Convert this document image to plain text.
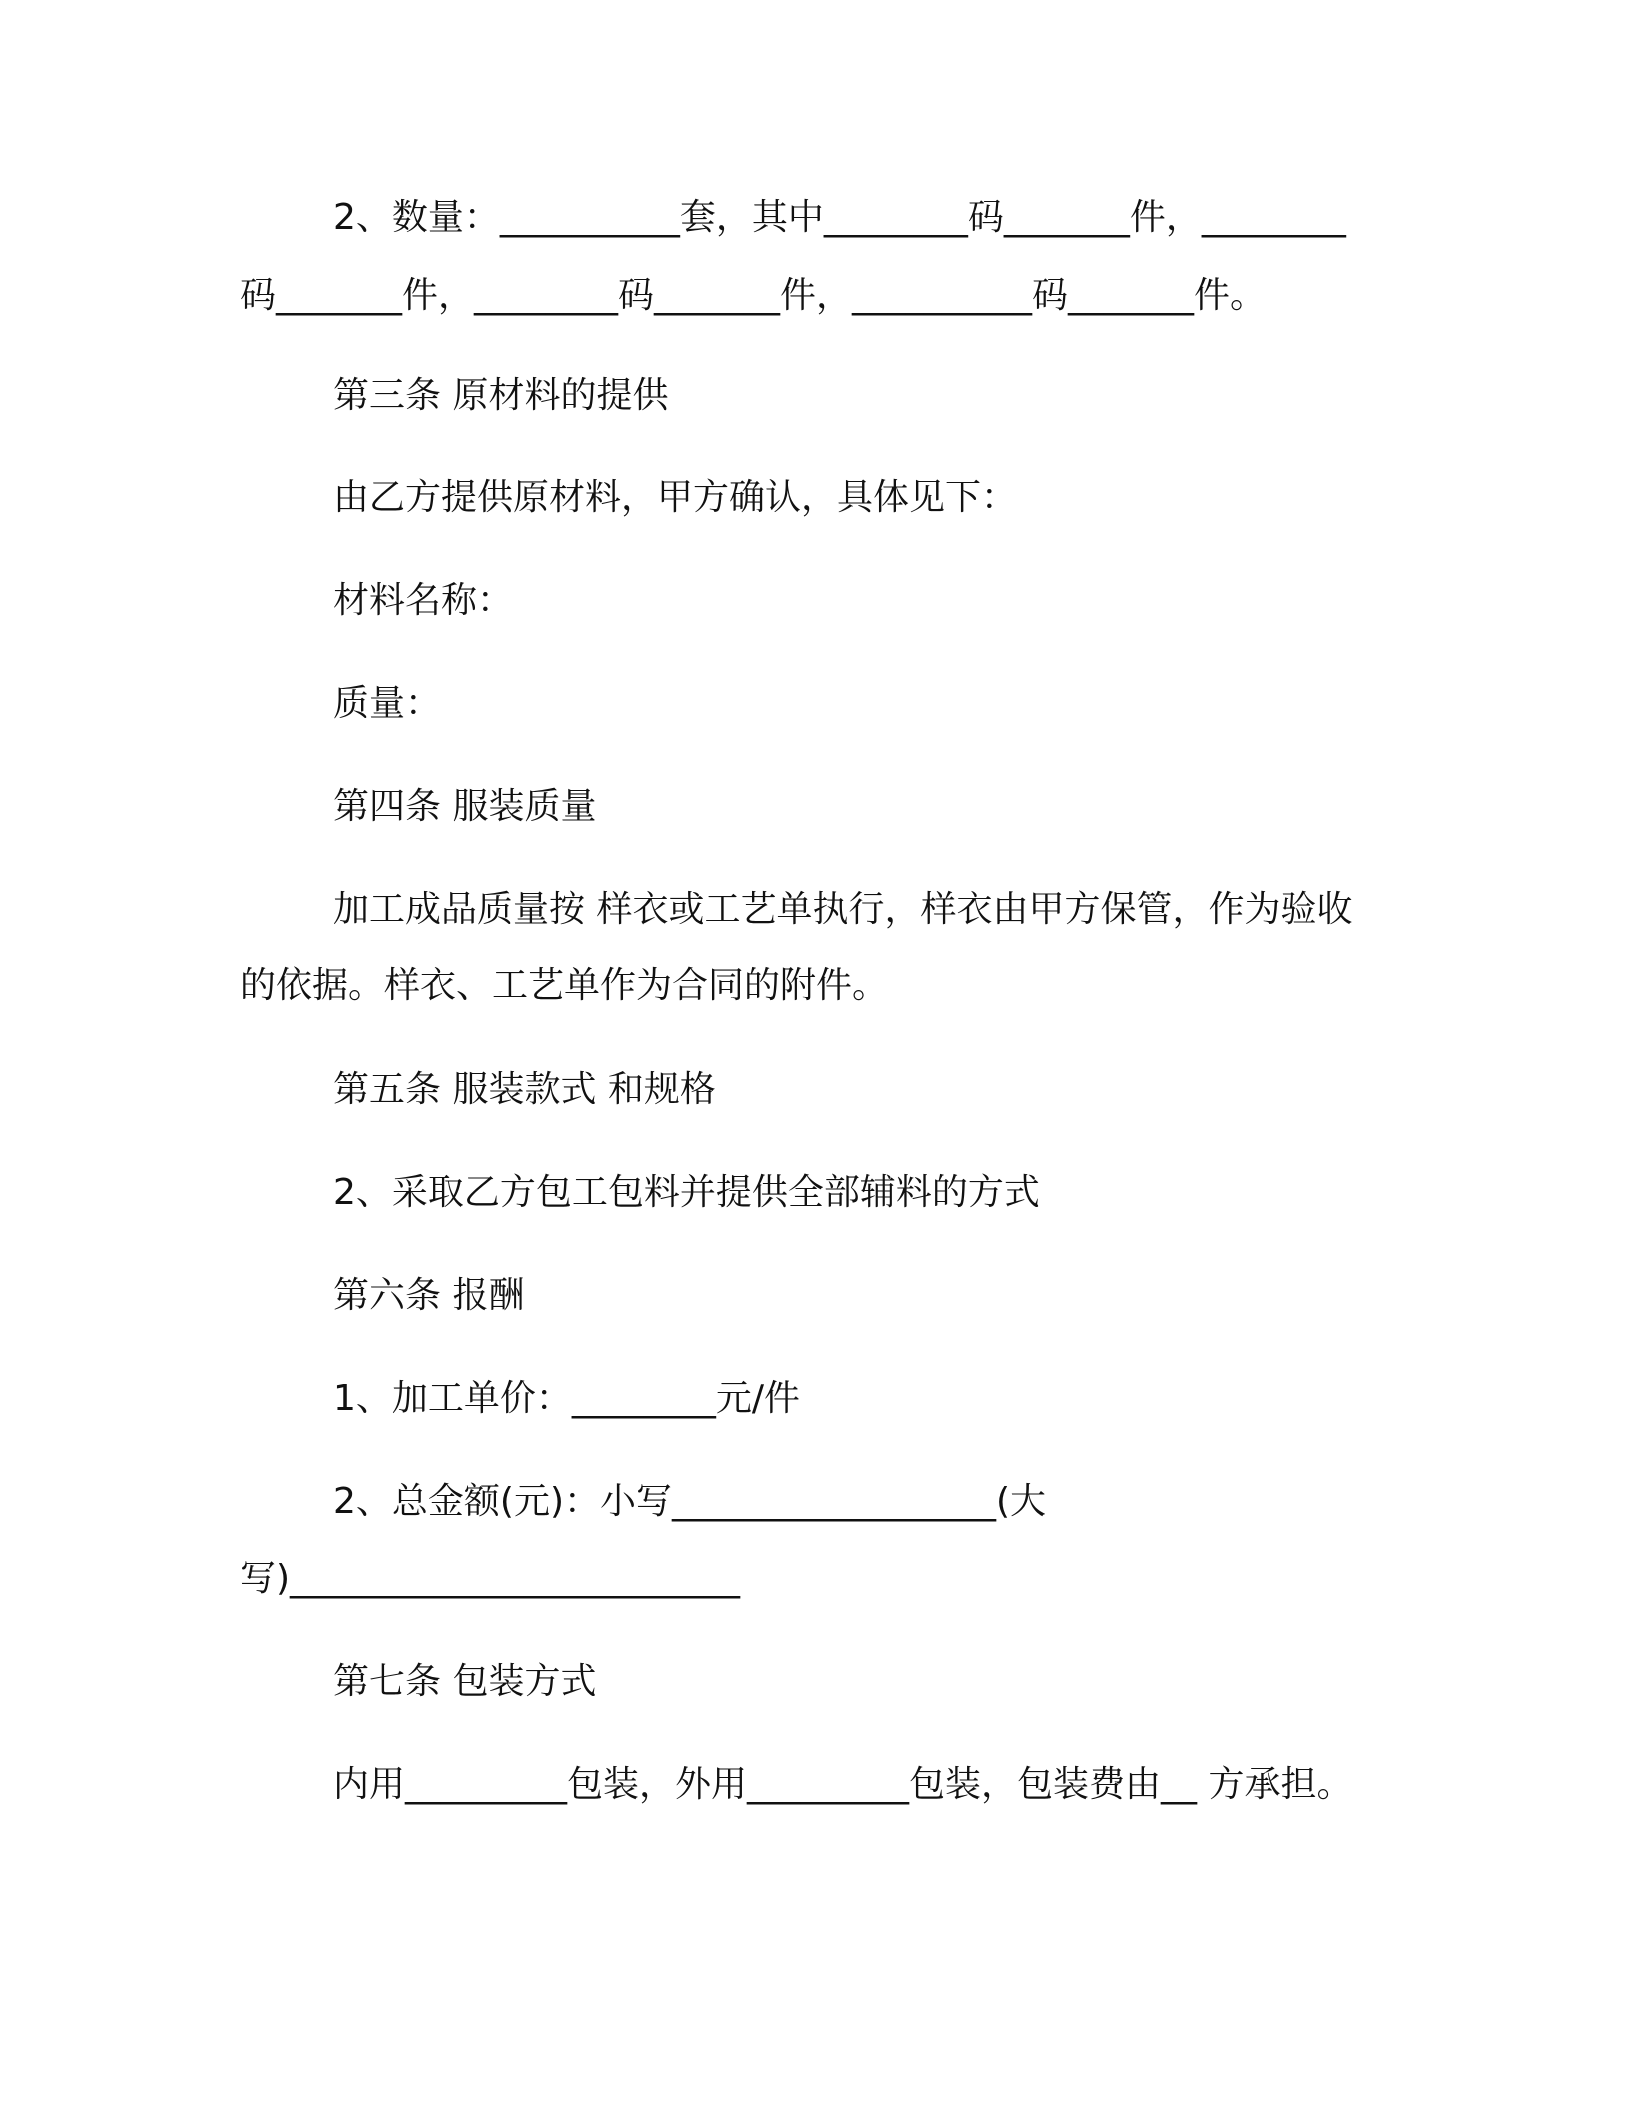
2、数量：__________套，其中________码_______件，________
码_______件，________码_______件，__________码_______件。
第三条 原材料的提供
由乙方提供原材料，甲方确认，具体见下：
材料名称：
质量：
第四条 服装质量
加工成品质量按 样衣或工艺单执行，样衣由甲方保管，作为验收
的依据。样衣、工艺单作为合同的附件。
第五条 服装款式 和规格
2、采取乙方包工包料并提供全部辅料的方式
第六条 报酬
1、加工单价：________元/件
2、总金额(元)：小写__________________(大
写)_________________________
第七条 包装方式
内用_________包装，外用_________包装，包装费由__ 方承担。
